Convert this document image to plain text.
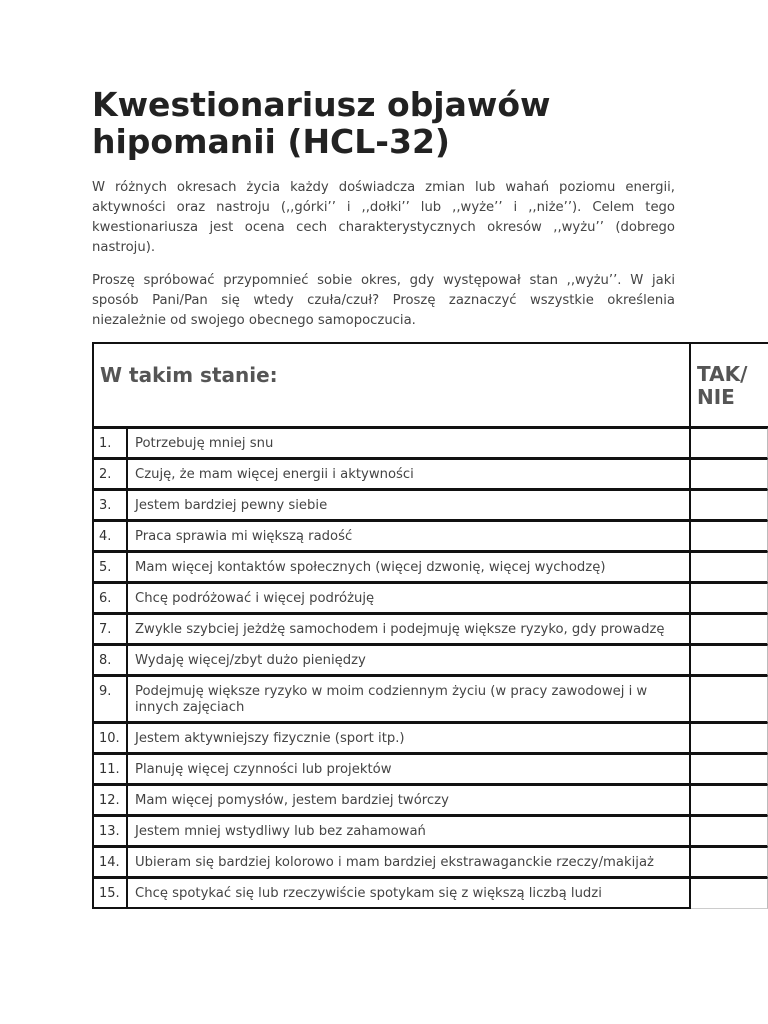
Kwestionariusz objawów hipomanii (HCL-32)

W różnych okresach życia każdy doświadcza zmian lub wahań poziomu energii, aktywności oraz nastroju (,,górki’’ i ,,dołki’’ lub ,,wyże’’ i ,,niże’’). Celem tego kwestionariusza jest ocena cech charakterystycznych okresów ,,wyżu’’ (dobrego nastroju).

Proszę spróbować przypomnieć sobie okres, gdy występował stan ,,wyżu’’. W jaki sposób Pani/Pan się wtedy czuła/czuł? Proszę zaznaczyć wszystkie określenia niezależnie od swojego obecnego samopoczucia.

W takim stanie:		TAK/ NIE

1.	Potrzebuję mniej snu	
2.	Czuję, że mam więcej energii i aktywności	
3.	Jestem bardziej pewny siebie	
4.	Praca sprawia mi większą radość	
5.	Mam więcej kontaktów społecznych (więcej dzwonię, więcej wychodzę)	
6.	Chcę podróżować i więcej podróżuję	
7.	Zwykle szybciej jeżdżę samochodem i podejmuję większe ryzyko, gdy prowadzę	
8.	Wydaję więcej/zbyt dużo pieniędzy	
9.	Podejmuję większe ryzyko w moim codziennym życiu (w pracy zawodowej i w innych zajęciach	
10.	Jestem aktywniejszy fizycznie (sport itp.)	
11.	Planuję więcej czynności lub projektów	
12.	Mam więcej pomysłów, jestem bardziej twórczy	
13.	Jestem mniej wstydliwy lub bez zahamowań	
14.	Ubieram się bardziej kolorowo i mam bardziej ekstrawaganckie rzeczy/makijaż	
15.	Chcę spotykać się lub rzeczywiście spotykam się z większą liczbą ludzi	
